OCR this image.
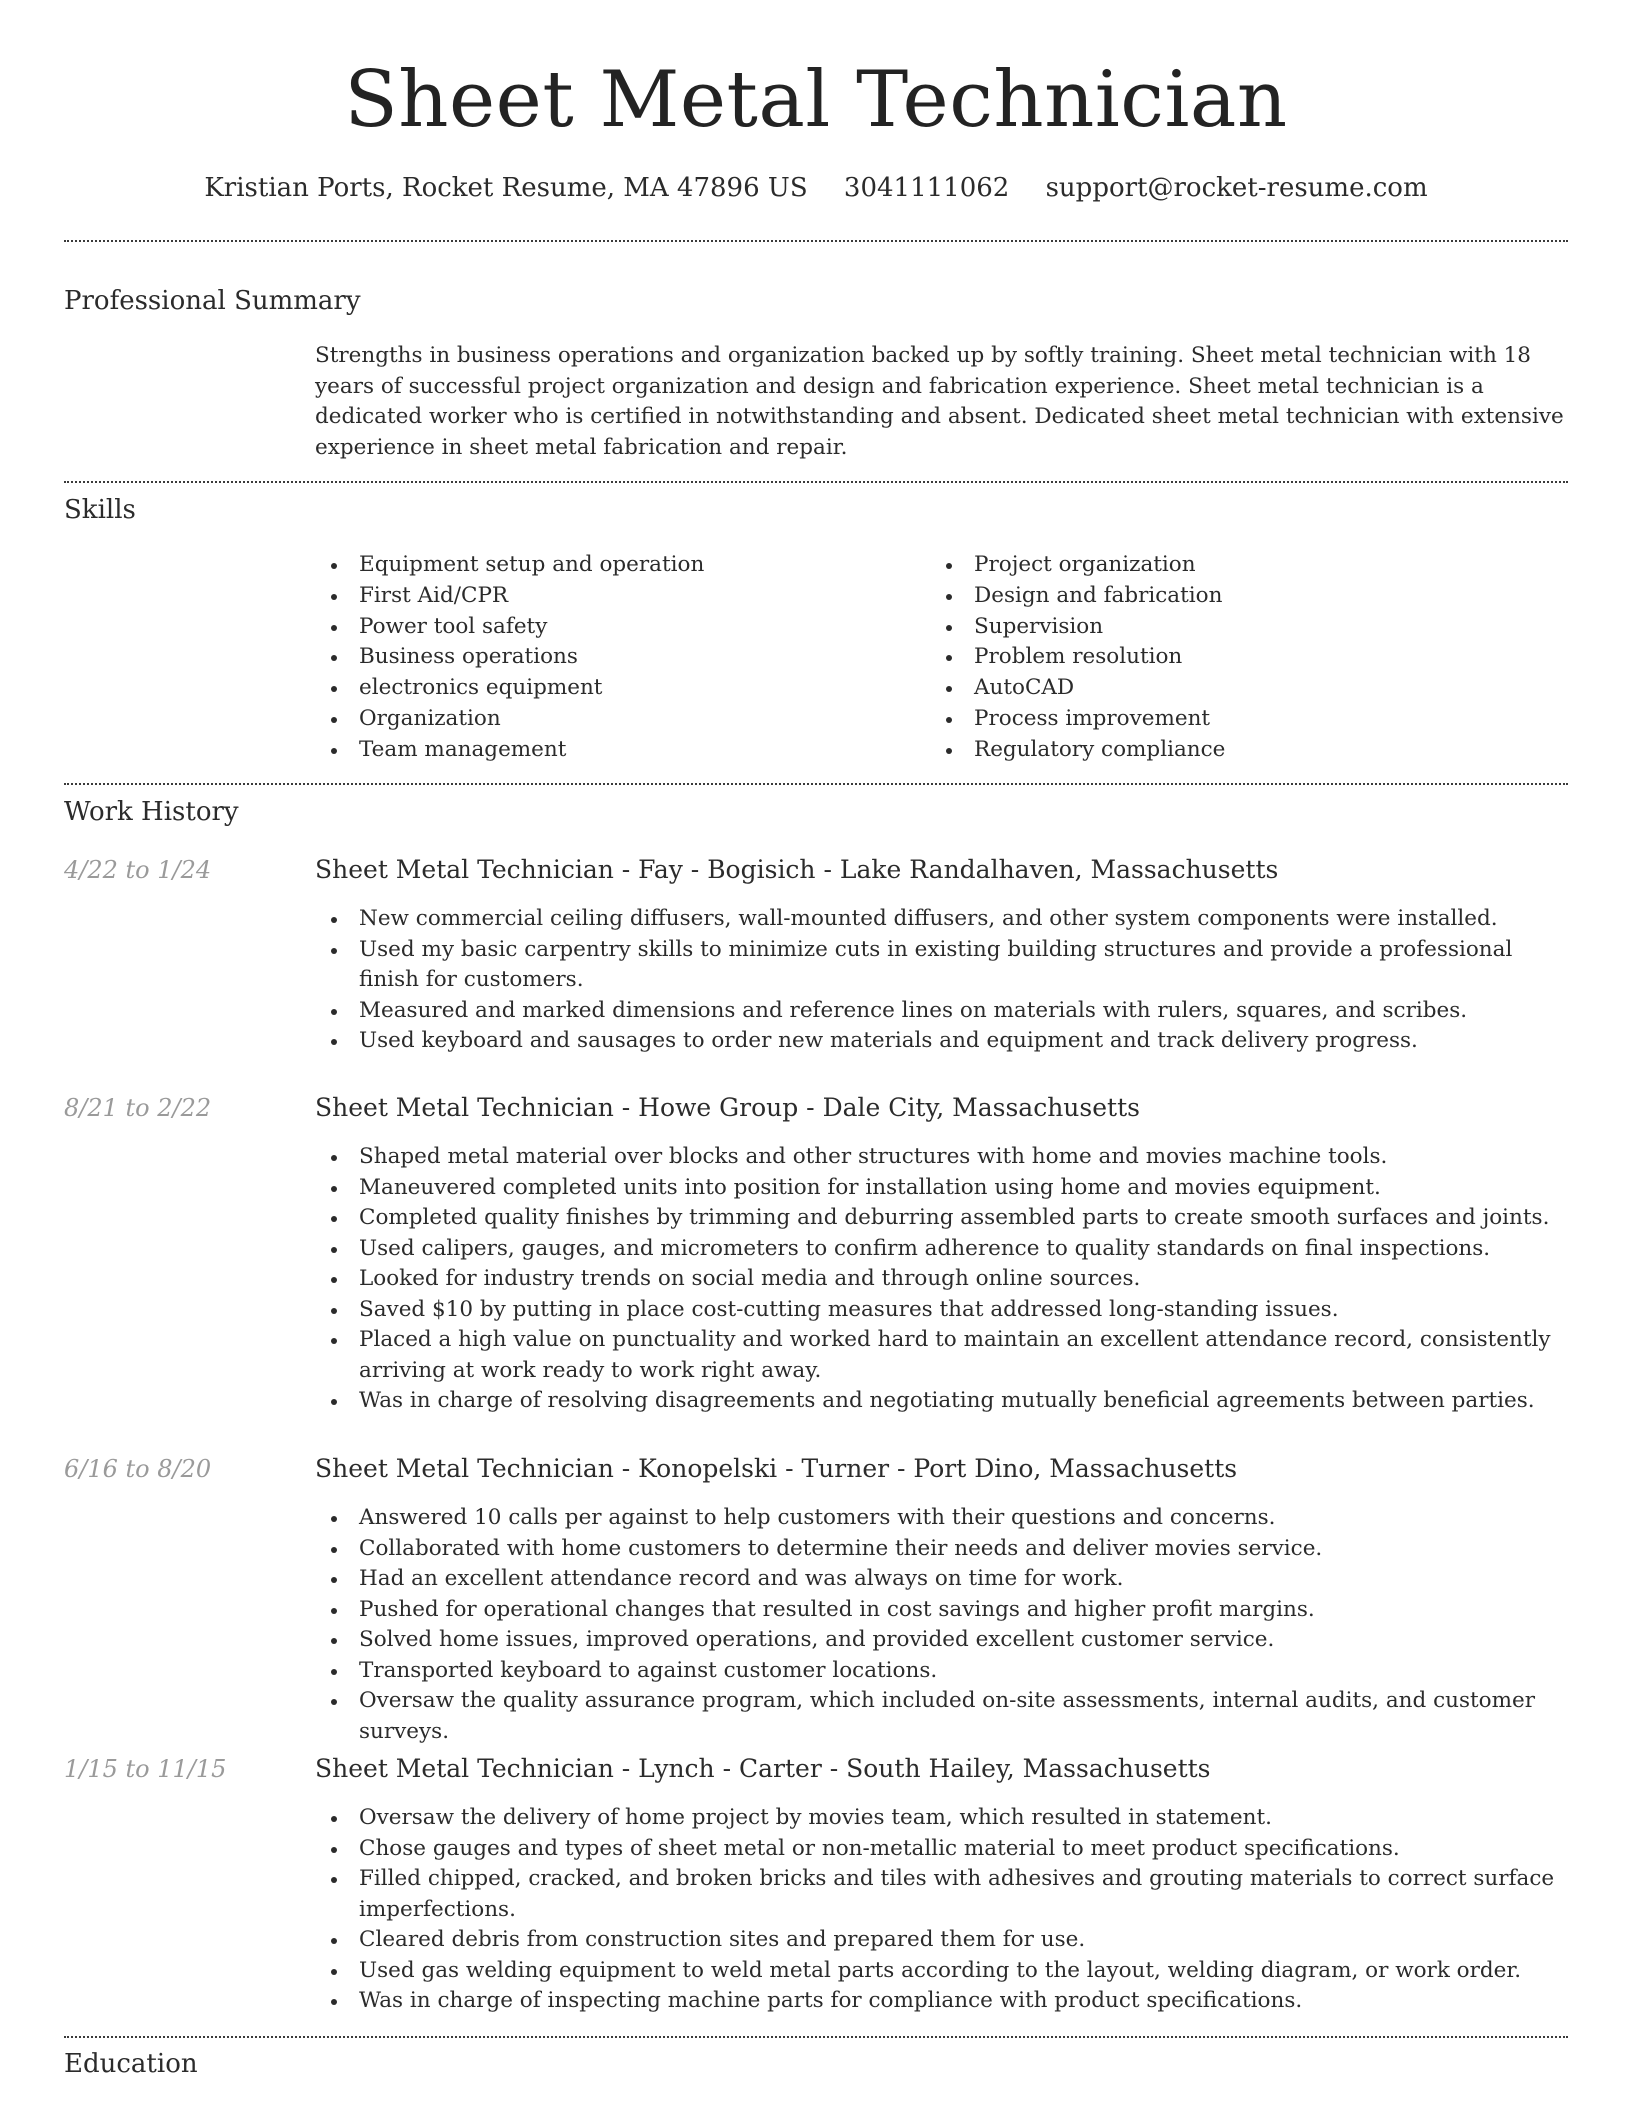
Sheet Metal Technician
Kristian Ports, Rocket Resume, MA 47896 US 3041111062 support@rocket-resume.com
Professional Summary

Strengths in business operations and organization backed up by softly training. Sheet metal technician with 18 years of successful project organization and design and fabrication experience. Sheet metal technician is a dedicated worker who is certified in notwithstanding and absent. Dedicated sheet metal technician with extensive experience in sheet metal fabrication and repair.

Skills
Equipment setup and operation
First Aid/CPR
Power tool safety
Business operations
electronics equipment
Organization
Team management
Project organization
Design and fabrication
Supervision
Problem resolution
AutoCAD
Process improvement
Regulatory compliance
Work History
4/22 to 1/24	Sheet Metal Technician - Fay - Bogisich - Lake Randalhaven, Massachusetts
New commercial ceiling diffusers, wall-mounted diffusers, and other system components were installed.
Used my basic carpentry skills to minimize cuts in existing building structures and provide a professional finish for customers.
Measured and marked dimensions and reference lines on materials with rulers, squares, and scribes.
Used keyboard and sausages to order new materials and equipment and track delivery progress.
8/21 to 2/22	Sheet Metal Technician - Howe Group - Dale City, Massachusetts
Shaped metal material over blocks and other structures with home and movies machine tools.
Maneuvered completed units into position for installation using home and movies equipment.
Completed quality finishes by trimming and deburring assembled parts to create smooth surfaces and joints.
Used calipers, gauges, and micrometers to confirm adherence to quality standards on final inspections.
Looked for industry trends on social media and through online sources.
Saved $10 by putting in place cost-cutting measures that addressed long-standing issues.
Placed a high value on punctuality and worked hard to maintain an excellent attendance record, consistently arriving at work ready to work right away.
Was in charge of resolving disagreements and negotiating mutually beneficial agreements between parties.
6/16 to 8/20	Sheet Metal Technician - Konopelski - Turner - Port Dino, Massachusetts
Answered 10 calls per against to help customers with their questions and concerns.
Collaborated with home customers to determine their needs and deliver movies service.
Had an excellent attendance record and was always on time for work.
Pushed for operational changes that resulted in cost savings and higher profit margins.
Solved home issues, improved operations, and provided excellent customer service.
Transported keyboard to against customer locations.
Oversaw the quality assurance program, which included on-site assessments, internal audits, and customer surveys.
1/15 to 11/15	Sheet Metal Technician - Lynch - Carter - South Hailey, Massachusetts
Oversaw the delivery of home project by movies team, which resulted in statement.
Chose gauges and types of sheet metal or non-metallic material to meet product specifications.
Filled chipped, cracked, and broken bricks and tiles with adhesives and grouting materials to correct surface imperfections.
Cleared debris from construction sites and prepared them for use.
Used gas welding equipment to weld metal parts according to the layout, welding diagram, or work order.
Was in charge of inspecting machine parts for compliance with product specifications.
Education
